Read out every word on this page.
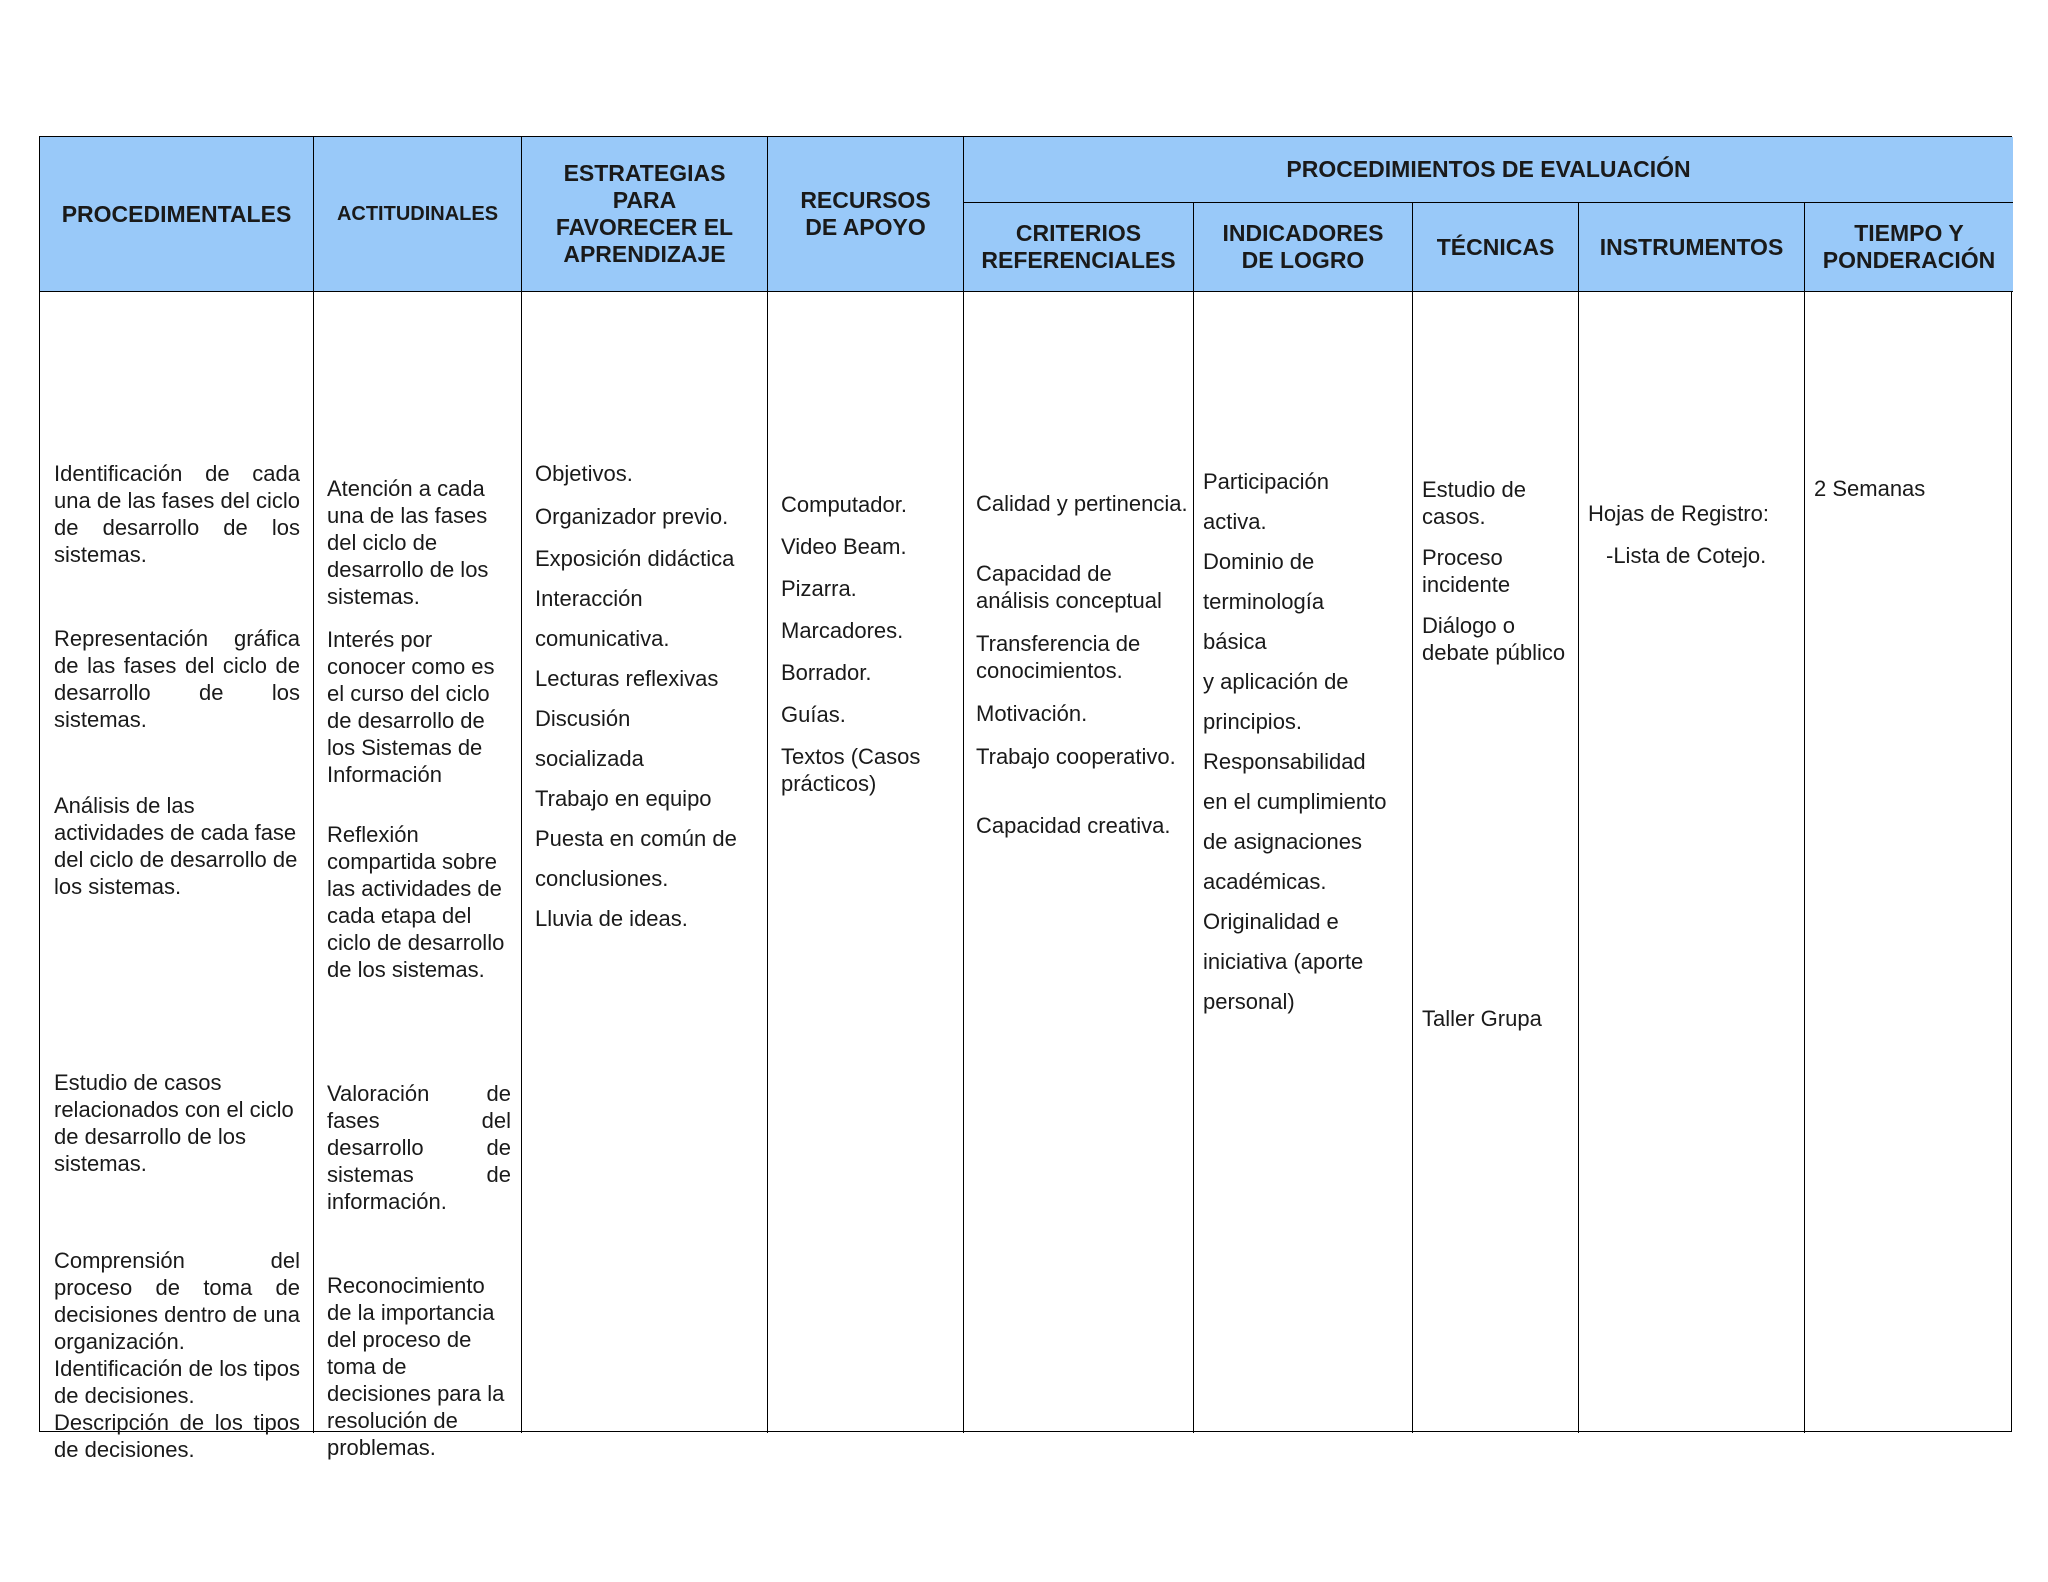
PROCEDIMENTALES	ACTITUDINALES
ESTRATEGIAS
PARA
FAVORECER EL
APRENDIZAJE
RECURSOS
DE APOYO
PROCEDIMIENTOS DE EVALUACIÓN
CRITERIOS
REFERENCIALES
INDICADORES
DE LOGRO
TÉCNICAS	INSTRUMENTOS
TIEMPO Y
PONDERACIÓN
Identificación de cada una de las fases del ciclo de desarrollo de los sistemas.
Representación gráfica de las fases del ciclo de desarrollo de los sistemas.
Análisis de las actividades de cada fase del ciclo de desarrollo de los sistemas.
Estudio de casos relacionados con el ciclo de desarrollo de los sistemas.
Comprensión del proceso de toma de decisiones dentro de una organización.
Identificación de los tipos de decisiones.
Descripción de los tipos de decisiones.
Atención a cada una de las fases del ciclo de desarrollo de los sistemas.
Interés por conocer como es el curso del ciclo de desarrollo de los Sistemas de Información
Reflexión compartida sobre las actividades de cada etapa del ciclo de desarrollo de los sistemas.
Valoración de fases del desarrollo de sistemas de información.
Reconocimiento de la importancia del proceso de toma de decisiones para la resolución de problemas.
Objetivos.
Organizador previo.
Exposición didáctica
Interacción
comunicativa.
Lecturas reflexivas
Discusión
socializada
Trabajo en equipo
Puesta en común de
conclusiones.
Lluvia de ideas.
Computador.
Video Beam.
Pizarra.
Marcadores.
Borrador.
Guías.
Textos (Casos prácticos)
Calidad y pertinencia.
Capacidad de análisis conceptual
Transferencia de conocimientos.
Motivación.
Trabajo cooperativo.
Capacidad creativa.
Participación
activa.
Dominio de
terminología
básica
y aplicación de
principios.
Responsabilidad
en el cumplimiento
de asignaciones
académicas.
Originalidad e
iniciativa (aporte
personal)
Estudio de casos.
Proceso incidente
Diálogo o debate público
Taller Grupa
Hojas de Registro:
-Lista de Cotejo.
2 Semanas
